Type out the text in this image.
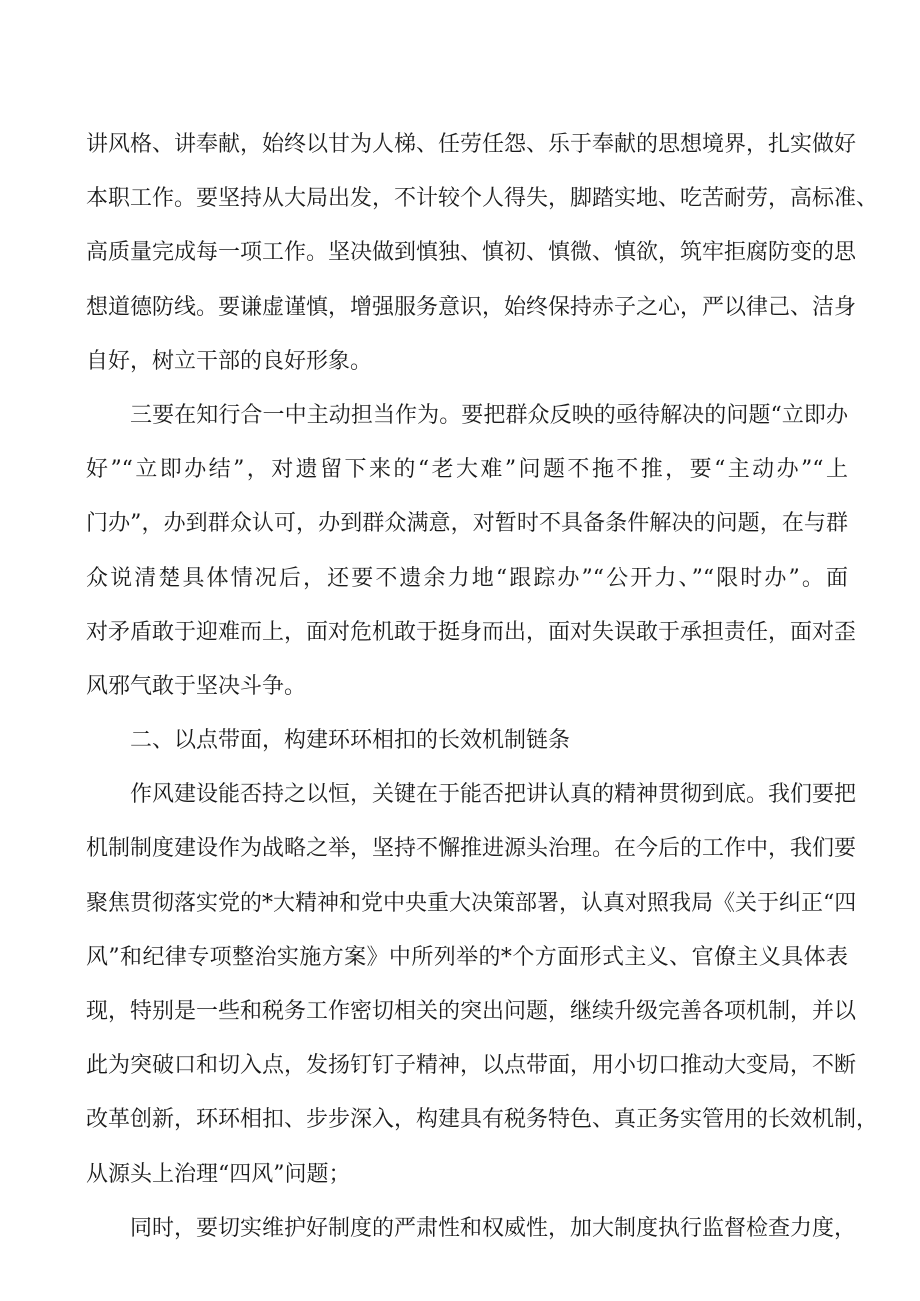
讲风格、讲奉献，始终以甘为人梯、任劳任怨、乐于奉献的思想境界，扎实做好
本职工作。要坚持从大局出发，不计较个人得失，脚踏实地、吃苦耐劳，高标准、
高质量完成每一项工作。坚决做到慎独、慎初、慎微、慎欲，筑牢拒腐防变的思
想道德防线。要谦虚谨慎，增强服务意识，始终保持赤子之心，严以律己、洁身
自好，树立干部的良好形象。
三要在知行合一中主动担当作为。要把群众反映的亟待解决的问题“立即办
好”“立即办结”，对遗留下来的“老大难”问题不拖不推，要“主动办”“上
门办”，办到群众认可，办到群众满意，对暂时不具备条件解决的问题，在与群
众说清楚具体情况后，还要不遗余力地“跟踪办”“公开力、”“限时办”。面
对矛盾敢于迎难而上，面对危机敢于挺身而出，面对失误敢于承担责任，面对歪
风邪气敢于坚决斗争。
二、以点带面，构建环环相扣的长效机制链条
作风建设能否持之以恒，关键在于能否把讲认真的精神贯彻到底。我们要把
机制制度建设作为战略之举，坚持不懈推进源头治理。在今后的工作中，我们要
聚焦贯彻落实党的*大精神和党中央重大决策部署，认真对照我局《关于纠正“四
风”和纪律专项整治实施方案》中所列举的*个方面形式主义、官僚主义具体表
现，特别是一些和税务工作密切相关的突出问题，继续升级完善各项机制，并以
此为突破口和切入点，发扬钉钉子精神，以点带面，用小切口推动大变局，不断
改革创新，环环相扣、步步深入，构建具有税务特色、真正务实管用的长效机制，
从源头上治理“四风”问题；
同时，要切实维护好制度的严肃性和权威性，加大制度执行监督检查力度，
